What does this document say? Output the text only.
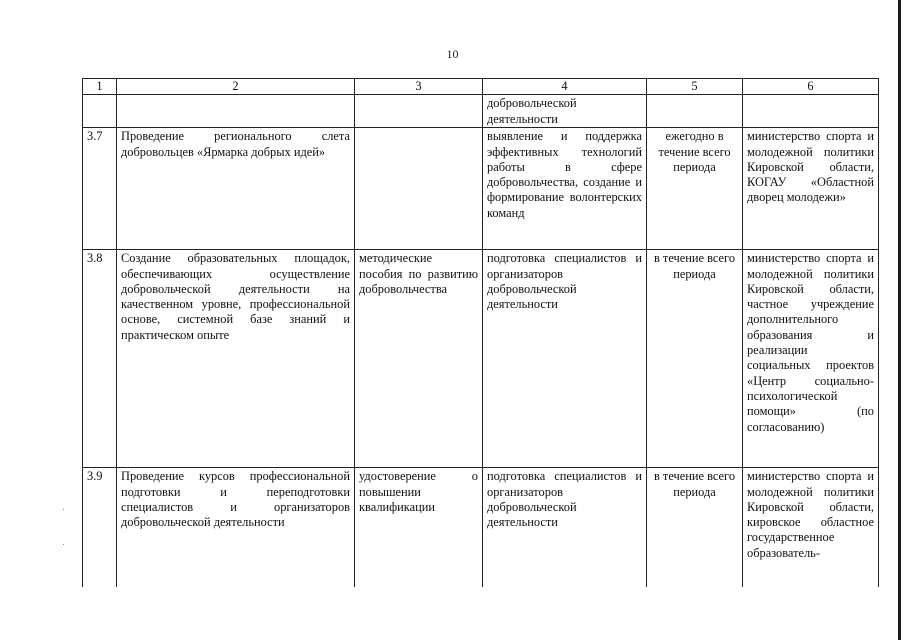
10
·
·
1	2	3	4	5	6
			добровольческой деятельности		
3.7	Проведение регионального слета добровольцев «Ярмарка добрых идей»		выявление и поддержка эффективных технологий работы в сфере добровольчества, создание и формирование волонтерских команд	ежегодно в течение всего периода	министерство спорта и молодежной политики Кировской области, КОГАУ «Областной дворец молодежи»
3.8	Создание образовательных площадок, обеспечивающих осуществление добровольческой деятельности на качественном уровне, профессиональной основе, системной базе знаний и практическом опыте	методические пособия по развитию добровольчества	подготовка специалистов и организаторов добровольческой деятельности	в течение всего периода	министерство спорта и молодежной политики Кировской области, частное учреждение дополнительного образования и реализации социальных проектов «Центр социально-психологической помощи» (по согласованию)
3.9	Проведение курсов профессиональной подготовки и переподготовки специалистов и организаторов добровольческой деятельности	удостоверение о повышении квалификации	подготовка специалистов и организаторов добровольческой деятельности	в течение всего периода	министерство спорта и молодежной политики Кировской области, кировское областное государственное образователь-
